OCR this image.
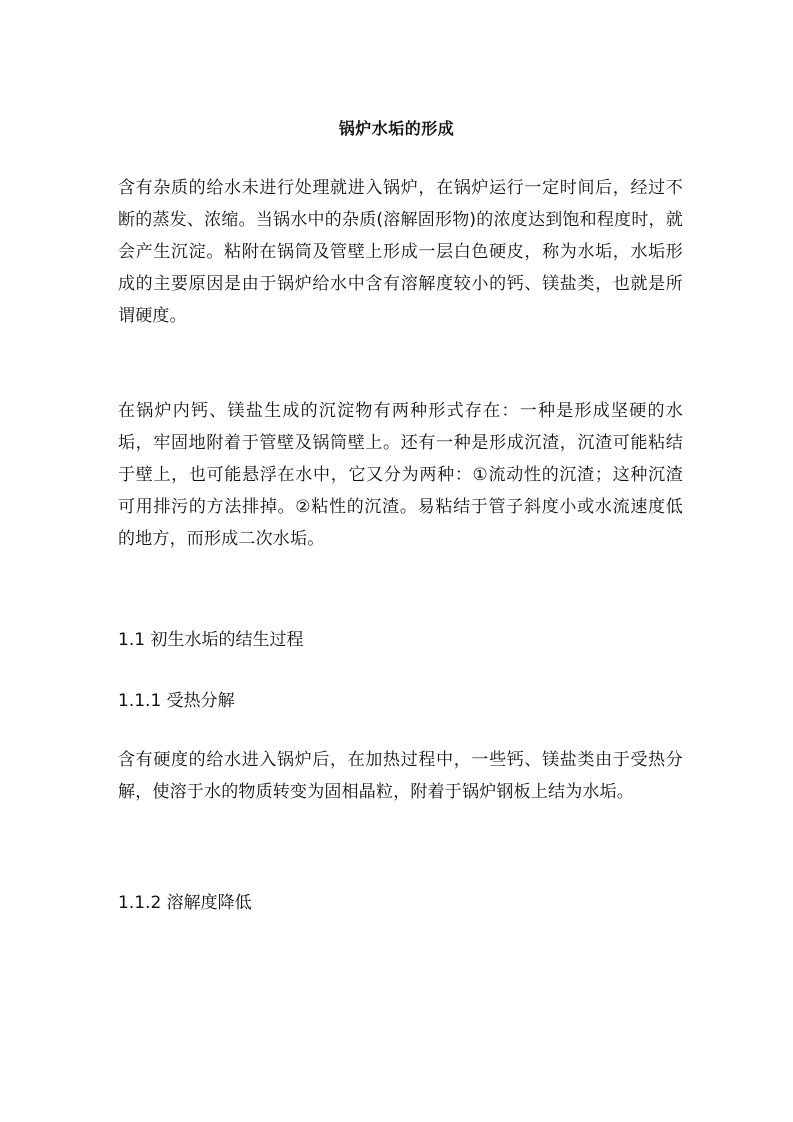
锅炉水垢的形成

含有杂质的给水未进行处理就进入锅炉，在锅炉运行一定时间后，经过不断的蒸发、浓缩。当锅水中的杂质(溶解固形物)的浓度达到饱和程度时，就会产生沉淀。粘附在锅筒及管壁上形成一层白色硬皮，称为水垢，水垢形成的主要原因是由于锅炉给水中含有溶解度较小的钙、镁盐类，也就是所谓硬度。

在锅炉内钙、镁盐生成的沉淀物有两种形式存在：一种是形成坚硬的水垢，牢固地附着于管壁及锅筒壁上。还有一种是形成沉渣，沉渣可能粘结于壁上，也可能悬浮在水中，它又分为两种：①流动性的沉渣；这种沉渣可用排污的方法排掉。②粘性的沉渣。易粘结于管子斜度小或水流速度低的地方，而形成二次水垢。

1.1 初生水垢的结生过程
1.1.1 受热分解

含有硬度的给水进入锅炉后，在加热过程中，一些钙、镁盐类由于受热分解，使溶于水的物质转变为固相晶粒，附着于锅炉钢板上结为水垢。

1.1.2 溶解度降低
